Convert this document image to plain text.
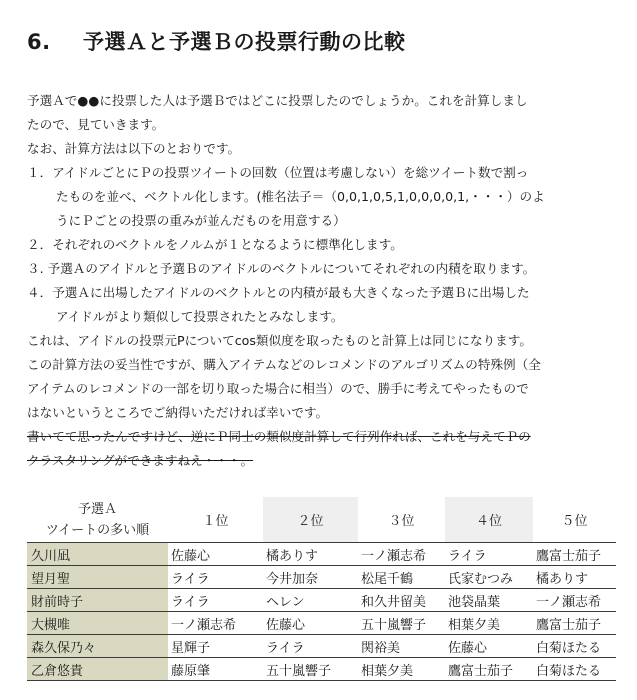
6. 予選Ａと予選Ｂの投票行動の比較
予選Ａで●●に投票した人は予選Ｂではどこに投票したのでしょうか。これを計算しまし
たので、見ていきます。
なお、計算方法は以下のとおりです。
１．アイドルごとにＰの投票ツイートの回数（位置は考慮しない）を総ツイート数で割っ
たものを並べ、ベクトル化します。(椎名法子＝（0,0,1,0,5,1,0,0,0,0,1,・・・）のよ
うにＰごとの投票の重みが並んだものを用意する）
２．それぞれのベクトルをノルムが１となるように標準化します。
３. 予選Ａのアイドルと予選Ｂのアイドルのベクトルについてそれぞれの内積を取ります。
４．予選Ａに出場したアイドルのベクトルとの内積が最も大きくなった予選Ｂに出場した
アイドルがより類似して投票されたとみなします。
これは、アイドルの投票元Pについてcos類似度を取ったものと計算上は同じになります。
この計算方法の妥当性ですが、購入アイテムなどのレコメンドのアルゴリズムの特殊例（全
アイテムのレコメンドの一部を切り取った場合に相当）ので、勝手に考えてやったもので
はないというところでご納得いただければ幸いです。
書いてて思ったんですけど、逆にＰ同士の類似度計算して行列作れば、これを与えてＰの
クラスタリングができますねえ・・・。
予選Ａ
ツイートの多い順	１位	２位	３位	４位	５位
久川凪	佐藤心	橘ありす	一ノ瀬志希	ライラ	鷹富士茄子
望月聖	ライラ	今井加奈	松尾千鶴	氏家むつみ	橘ありす
財前時子	ライラ	ヘレン	和久井留美	池袋晶葉	一ノ瀬志希
大槻唯	一ノ瀬志希	佐藤心	五十嵐響子	相葉夕美	鷹富士茄子
森久保乃々	星輝子	ライラ	関裕美	佐藤心	白菊ほたる
乙倉悠貴	藤原肇	五十嵐響子	相葉夕美	鷹富士茄子	白菊ほたる
